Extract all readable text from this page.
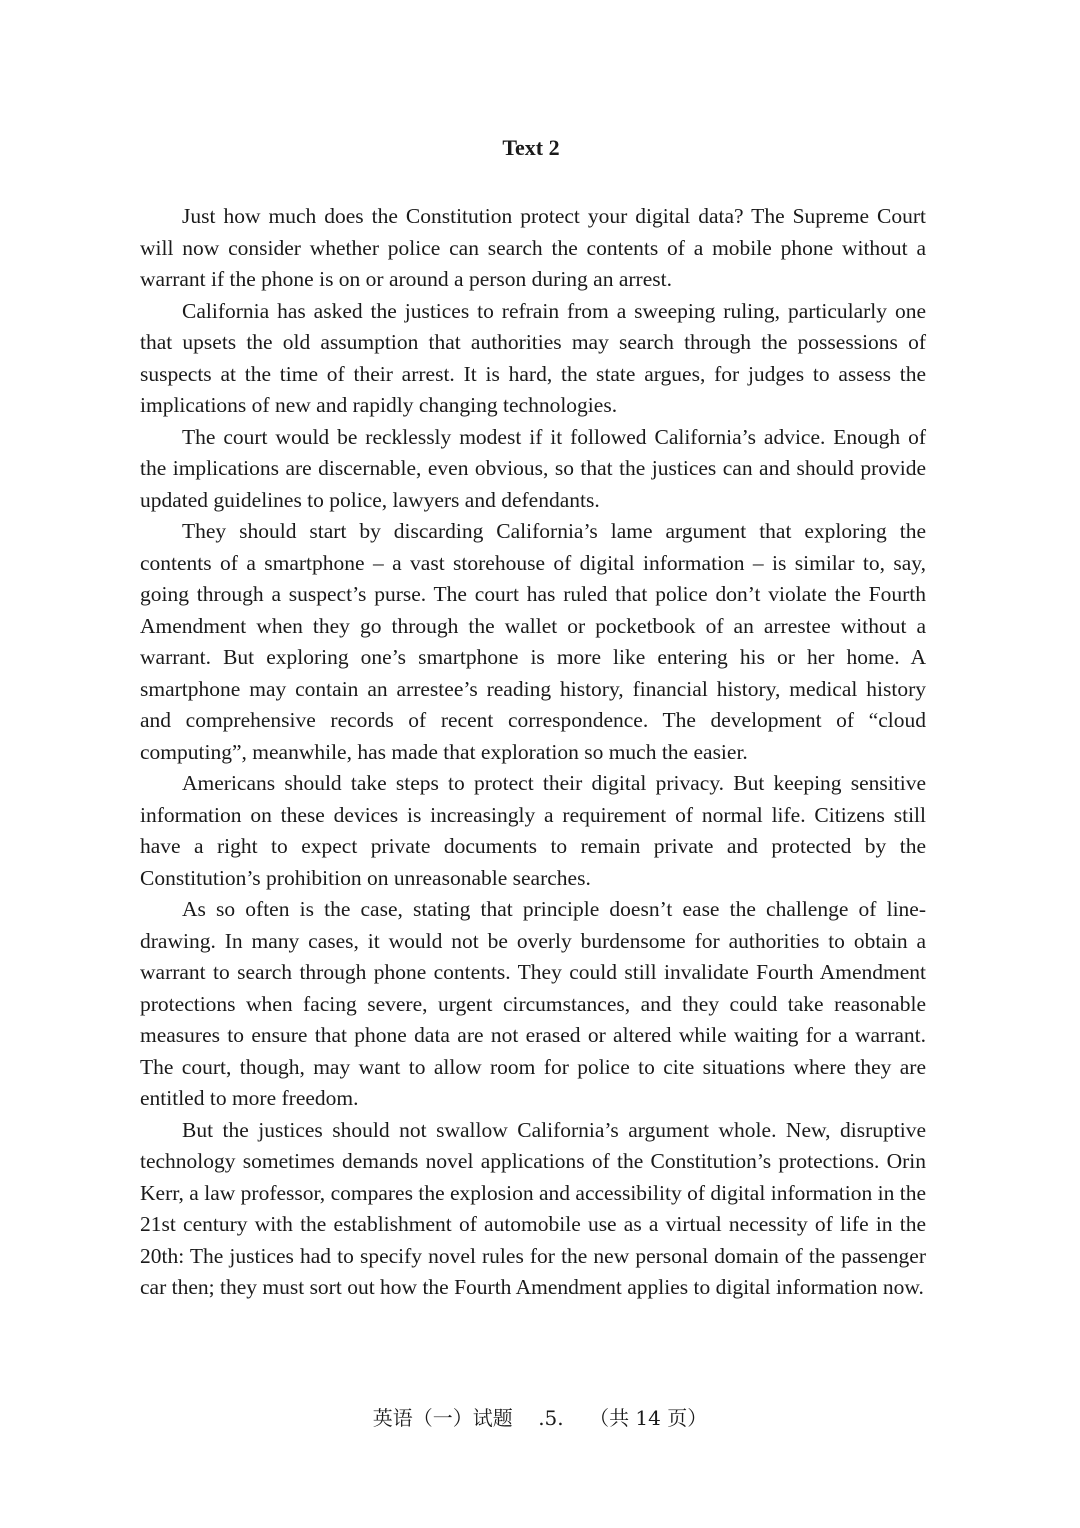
Text 2

Just how much does the Constitution protect your digital data? The Supreme Court will now consider whether police can search the contents of a mobile phone without a warrant if the phone is on or around a person during an arrest.

California has asked the justices to refrain from a sweeping ruling, particularly one that upsets the old assumption that authorities may search through the possessions of suspects at the time of their arrest. It is hard, the state argues, for judges to assess the implications of new and rapidly changing technologies.

The court would be recklessly modest if it followed California’s advice. Enough of the implications are discernable, even obvious, so that the justices can and should provide updated guidelines to police, lawyers and defendants.

They should start by discarding California’s lame argument that exploring the contents of a smartphone – a vast storehouse of digital information – is similar to, say, going through a suspect’s purse. The court has ruled that police don’t violate the Fourth Amendment when they go through the wallet or pocketbook of an arrestee without a warrant. But exploring one’s smartphone is more like entering his or her home. A smartphone may contain an arrestee’s reading history, financial history, medical history and comprehensive records of recent correspondence. The development of “cloud computing”, meanwhile, has made that exploration so much the easier.

Americans should take steps to protect their digital privacy. But keeping sensitive information on these devices is increasingly a requirement of normal life. Citizens still have a right to expect private documents to remain private and protected by the Constitution’s prohibition on unreasonable searches.

As so often is the case, stating that principle doesn’t ease the challenge of line-drawing. In many cases, it would not be overly burdensome for authorities to obtain a warrant to search through phone contents. They could still invalidate Fourth Amendment protections when facing severe, urgent circumstances, and they could take reasonable measures to ensure that phone data are not erased or altered while waiting for a warrant. The court, though, may want to allow room for police to cite situations where they are entitled to more freedom.

But the justices should not swallow California’s argument whole. New, disruptive technology sometimes demands novel applications of the Constitution’s protections. Orin Kerr, a law professor, compares the explosion and accessibility of digital information in the 21st century with the establishment of automobile use as a virtual necessity of life in the 20th: The justices had to specify novel rules for the new personal domain of the passenger car then; they must sort out how the Fourth Amendment applies to digital information now.

英语（一）试题 .5. （共 14 页）
